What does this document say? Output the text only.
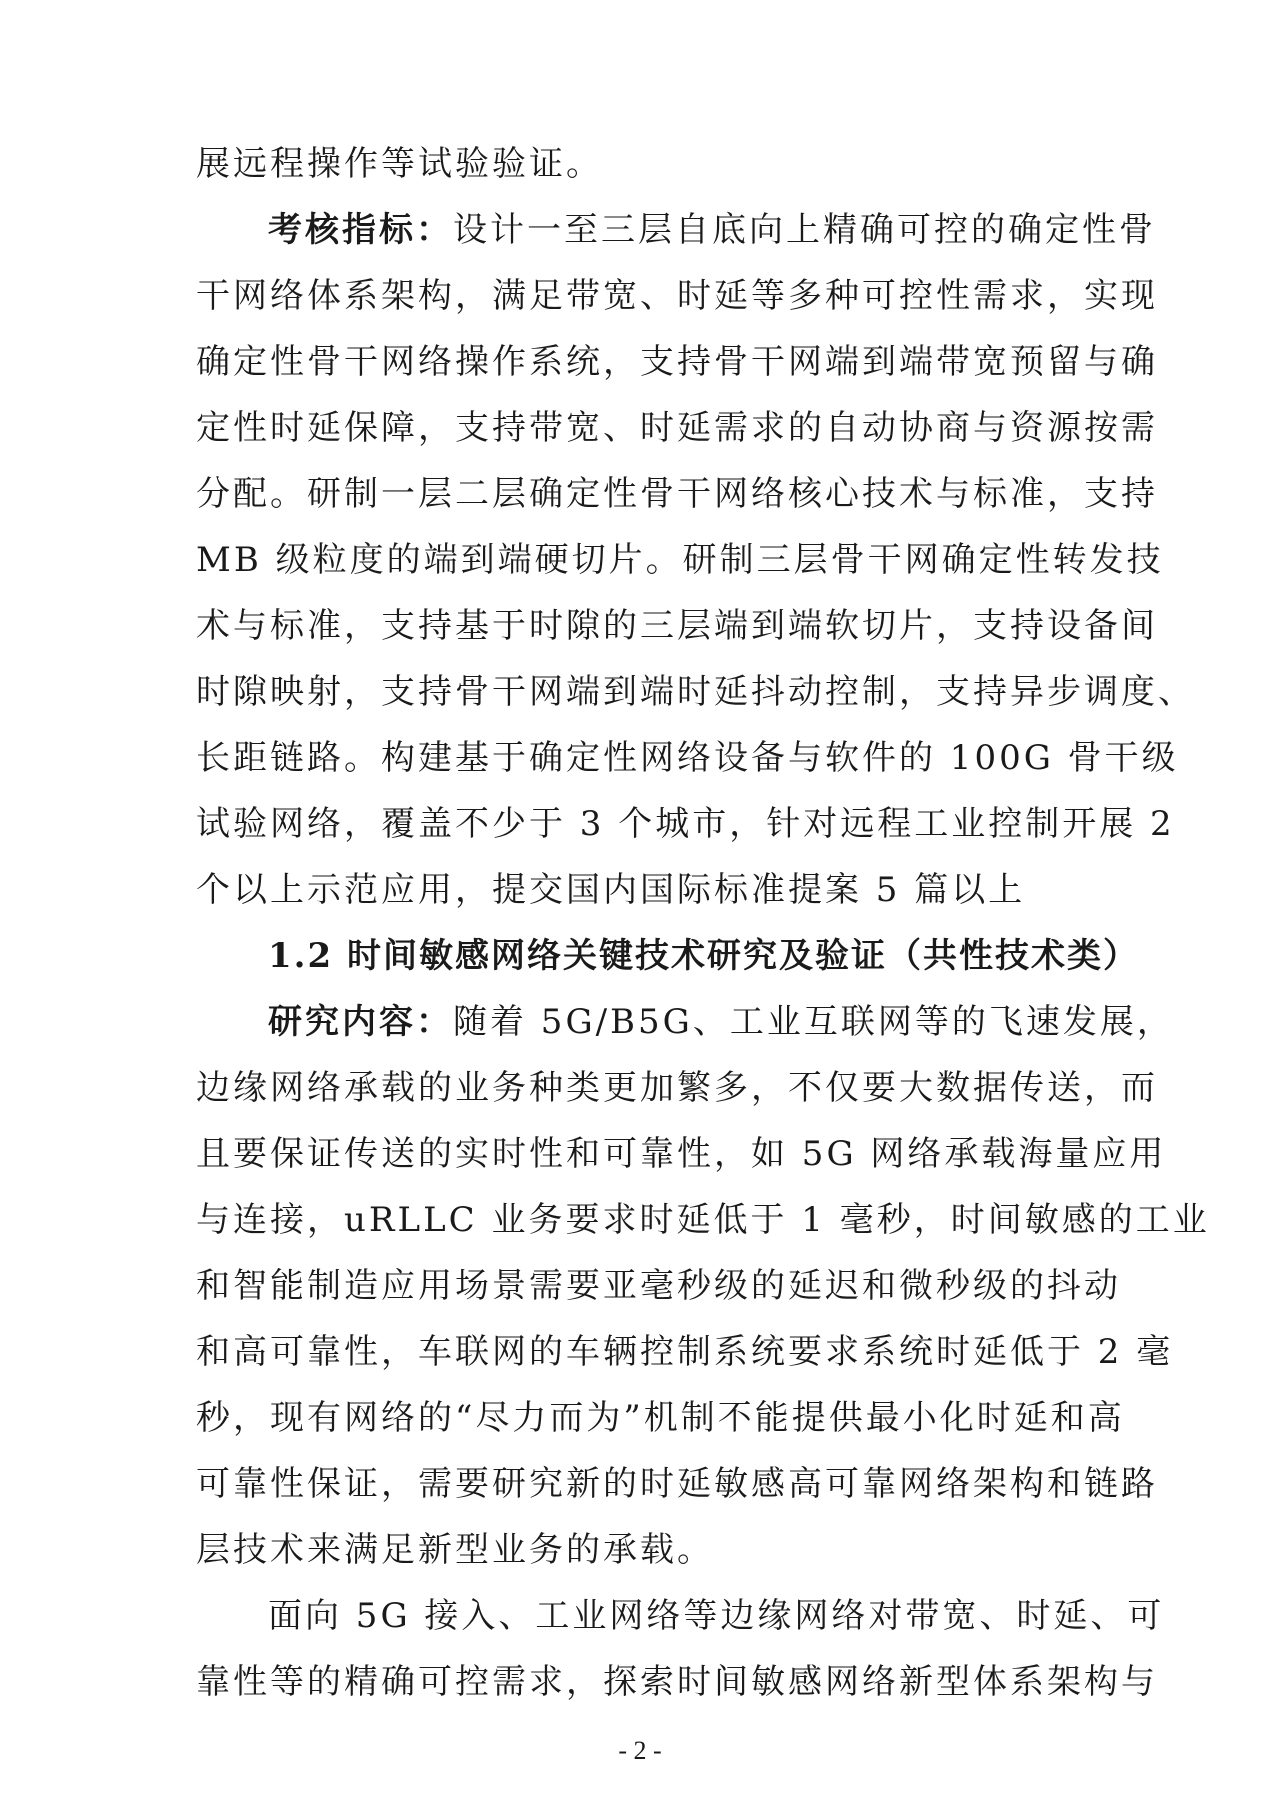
展远程操作等试验验证。
考核指标：设计一至三层自底向上精确可控的确定性骨
干网络体系架构，满足带宽、时延等多种可控性需求，实现
确定性骨干网络操作系统，支持骨干网端到端带宽预留与确
定性时延保障，支持带宽、时延需求的自动协商与资源按需
分配。研制一层二层确定性骨干网络核心技术与标准，支持
MB 级粒度的端到端硬切片。研制三层骨干网确定性转发技
术与标准，支持基于时隙的三层端到端软切片，支持设备间
时隙映射，支持骨干网端到端时延抖动控制，支持异步调度、
长距链路。构建基于确定性网络设备与软件的 100G 骨干级
试验网络，覆盖不少于 3 个城市，针对远程工业控制开展 2
个以上示范应用，提交国内国际标准提案 5 篇以上
1.2 时间敏感网络关键技术研究及验证（共性技术类）
研究内容：随着 5G/B5G、工业互联网等的飞速发展，
边缘网络承载的业务种类更加繁多，不仅要大数据传送，而
且要保证传送的实时性和可靠性，如 5G 网络承载海量应用
与连接，uRLLC 业务要求时延低于 1 毫秒，时间敏感的工业
和智能制造应用场景需要亚毫秒级的延迟和微秒级的抖动
和高可靠性，车联网的车辆控制系统要求系统时延低于 2 毫
秒，现有网络的“尽力而为”机制不能提供最小化时延和高
可靠性保证，需要研究新的时延敏感高可靠网络架构和链路
层技术来满足新型业务的承载。
面向 5G 接入、工业网络等边缘网络对带宽、时延、可
靠性等的精确可控需求，探索时间敏感网络新型体系架构与
- 2 -
